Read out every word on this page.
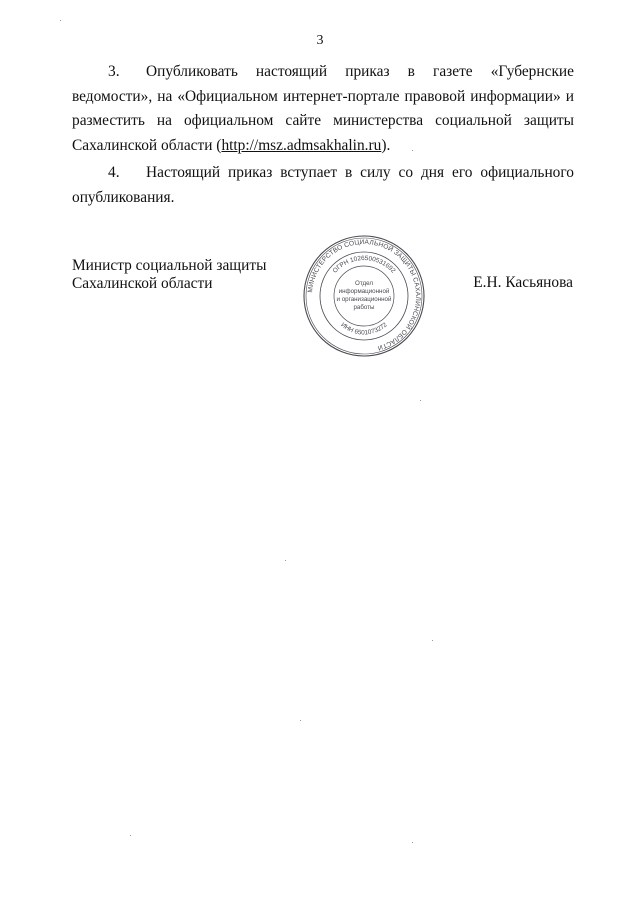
3

3. Опубликовать настоящий приказ в газете «Губернские ведомости», на «Официальном интернет-портале правовой информации» и разместить на официальном сайте министерства социальной защиты Сахалинской области (http://msz.admsakhalin.ru).

4. Настоящий приказ вступает в силу со дня его официального опубликования.

Министр социальной защиты
Сахалинской области	МИНИСТЕРСТВО СОЦИАЛЬНОЙ ЗАЩИТЫ САХАЛИНСКОЙ ОБЛАСТИ
ОГРН 1026500531692
ИНН 6501073272
Отдел
информационной
и организационной
работы
Е.Н. Касьянова
